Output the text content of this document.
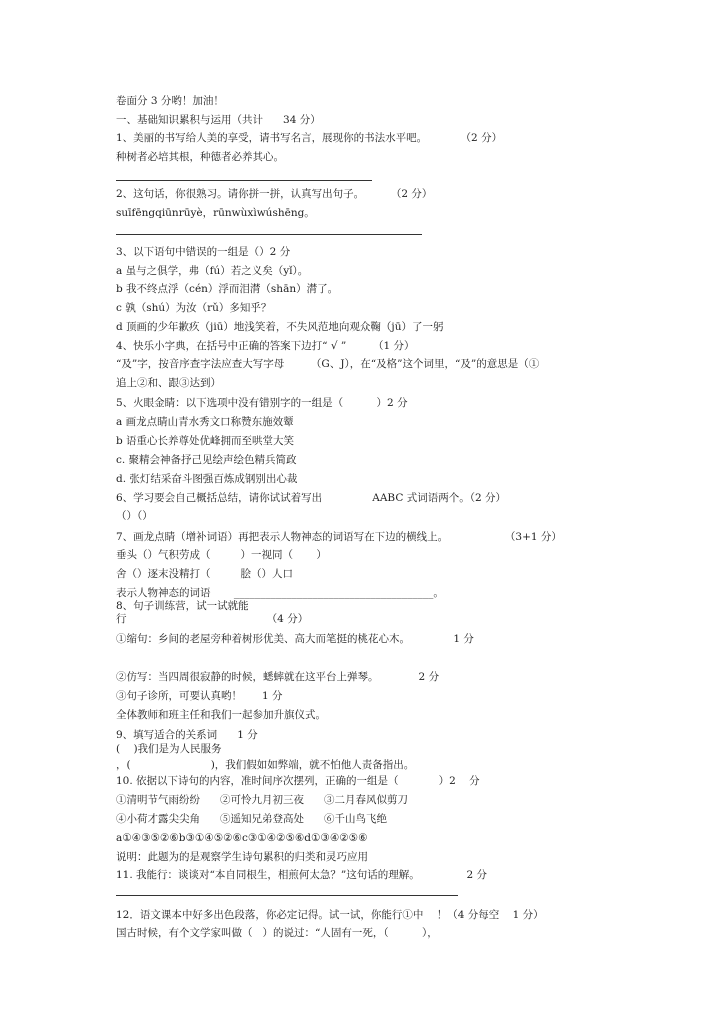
卷面分 3 分哟！加油！

一、基础知识累积与运用（共计      34 分）

1、美丽的书写给人美的享受，请书写名言，展现你的书法水平吧。          （2 分）

种树者必培其根，种德者必养其心。

2、这句话，你很熟习。请你拼一拼，认真写出句子。        （2 分）

suīfēngqiūnrūyè，rūnwùxìwúshēng。

3、以下语句中错误的一组是（）2 分

a 虽与之俱学，弗（fú）若之义矣（yǐ）。

b 我不终点浮（cén）浮而泪潸（shān）潸了。

c 孰（shú）为汝（rǔ）多知乎？

d 顶画的少年歉疚（jiū）地浅笑着，不失风范地向观众鞠（jū）了一躬

4、快乐小字典，在括号中正确的答案下边打“ √ ”        （1 分）

“及”字，按音序查字法应查大写字母        （G、J），在“及格”这个词里，“及”的意思是（①

追上②和、跟③达到）

5、火眼金睛：以下选项中没有错别字的一组是（          ）2 分

a 画龙点睛山青水秀文口称赞东施效颦

b 语重心长养尊处优峰拥而至哄堂大笑

c. 聚精会神备抒己见绘声绘色精兵简政

d. 张灯结采奋斗图强百炼成钢别出心裁

6、学习要会自己概括总结，请你试试着写出               AABC 式词语两个。（2 分）

（）（）

7、画龙点睛（增补词语）再把表示人物神态的词语写在下边的横线上。                 （3+1 分）

垂头（）气积劳成（         ）一视同（       ）

舍（）逐末没精打（         脍（）人口

表示人物神态的词语       ______________________________________。

8、句子训练营，试一试就能

行                                          （4 分）

①缩句：乡间的老屋旁种着树形优美、高大而笔挺的桃花心木。             1 分

②仿写：当四周很寂静的时候，蟋蟀就在这平台上弹琴。            2 分

③句子诊所，可要认真哟！      1 分

全体教师和班主任和我们一起参加升旗仪式。

9、填写适合的关系词      1 分

(    )我们是为人民服务

，(                        )，我们假如如弊端，就不怕他人责备指出。

10. 依据以下诗句的内容，准时间序次摆列，正确的一组是（            ）2    分

①清明节气雨纷纷      ②可怜九月初三夜      ③二月春风似剪刀

④小荷才露尖尖角      ⑤遥知兄弟登高处      ⑥千山鸟飞绝

a①④③⑤②⑥b③①④⑤②⑥c③①④②⑤⑥d①③④②⑤⑥

说明：此题为的是观察学生诗句累积的归类和灵巧应用

11. 我能行：谈谈对“本自同根生，相煎何太急？”这句话的理解。              2 分

12．语文课本中好多出色段落，你必定记得。试一试，你能行①中    ！（4 分每空    1 分）

国古时候，有个文学家叫做（   ）的说过：“人固有一死，（          ），
